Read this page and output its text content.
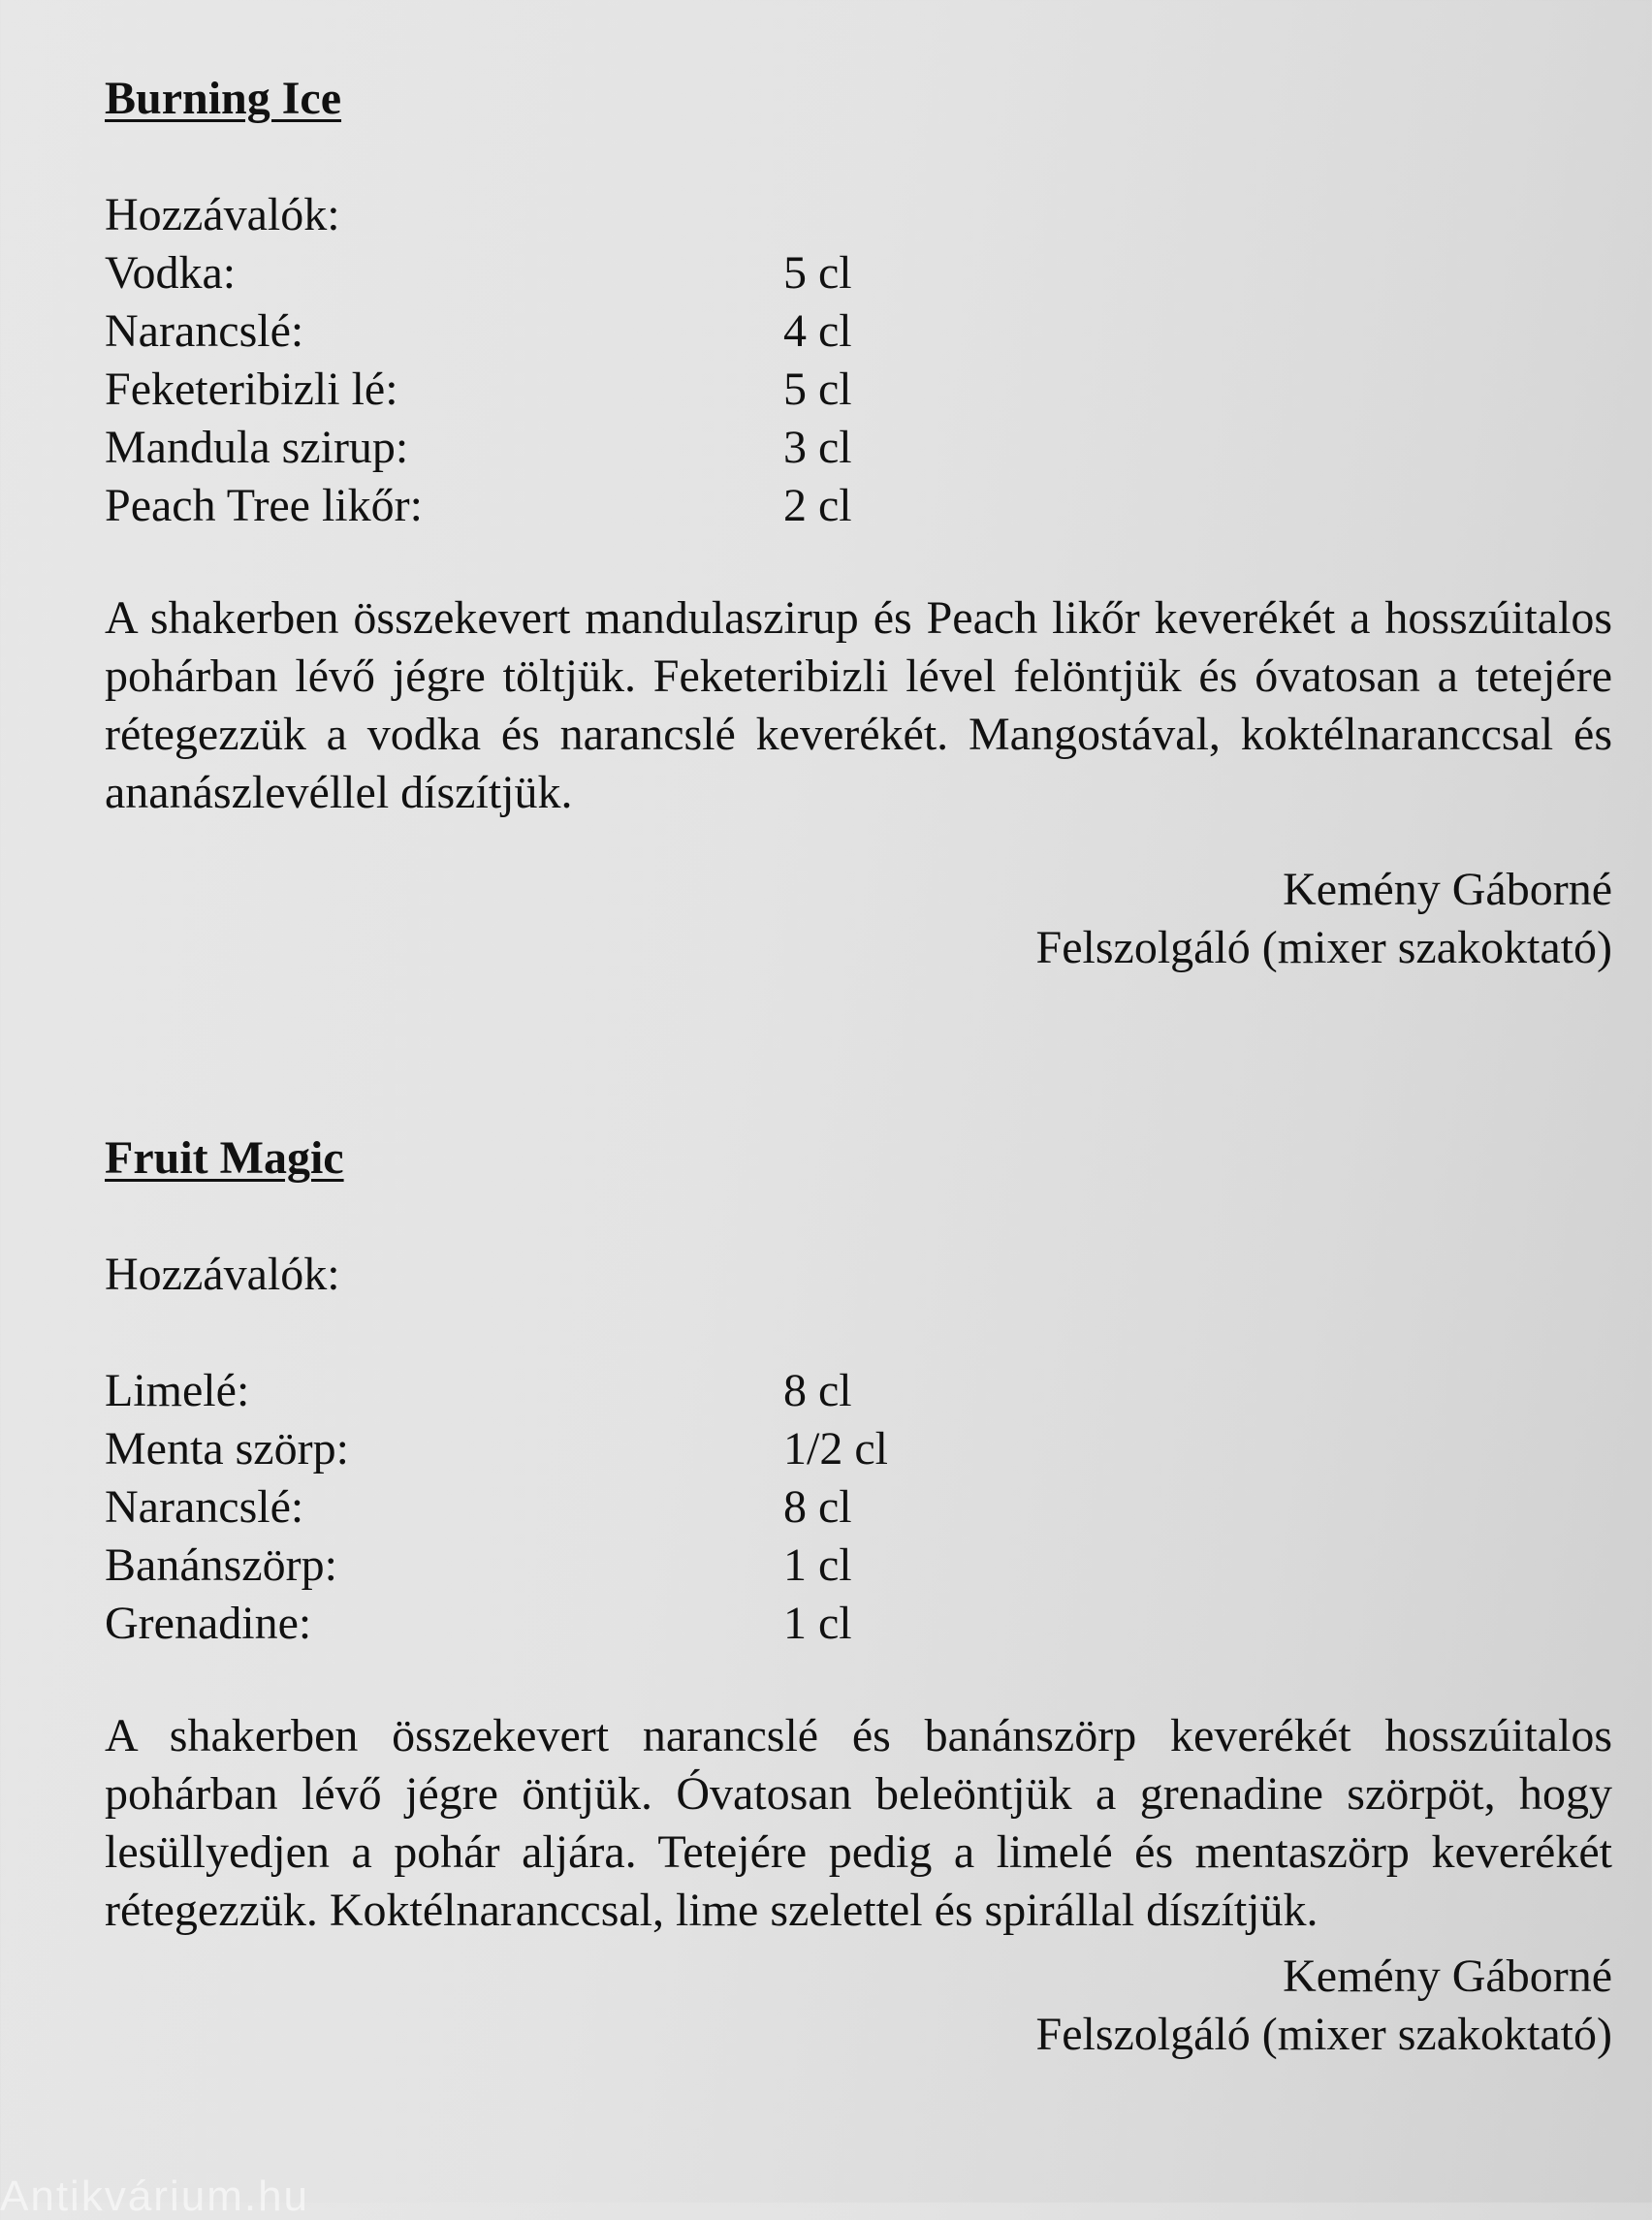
Burning Ice

Hozzávalók:

Vodka:	5 cl
Narancslé:	4 cl
Feketeribizli lé:	5 cl
Mandula szirup:	3 cl
Peach Tree likőr:	2 cl

A shakerben összekevert mandulaszirup és Peach likőr keverékét a hosszúitalos pohárban lévő jégre töltjük. Feketeribizli lével felöntjük és óvatosan a tetejére rétegezzük a vodka és narancslé keverékét. Mangostával, koktélnaranccsal és ananászlevéllel díszítjük.

Kemény Gáborné
Felszolgáló (mixer szakoktató)
Fruit Magic

Hozzávalók:

Limelé:	8 cl
Menta szörp:	1/2 cl
Narancslé:	8 cl
Banánszörp:	1 cl
Grenadine:	1 cl

A shakerben összekevert narancslé és banánszörp keverékét hosszúitalos pohárban lévő jégre öntjük. Óvatosan beleöntjük a grenadine szörpöt, hogy lesüllyedjen a pohár aljára. Tetejére pedig a limelé és mentaszörp keverékét rétegezzük. Koktélnaranccsal, lime szelettel és spirállal díszítjük.

Kemény Gáborné
Felszolgáló (mixer szakoktató)
Antikvárium.hu
